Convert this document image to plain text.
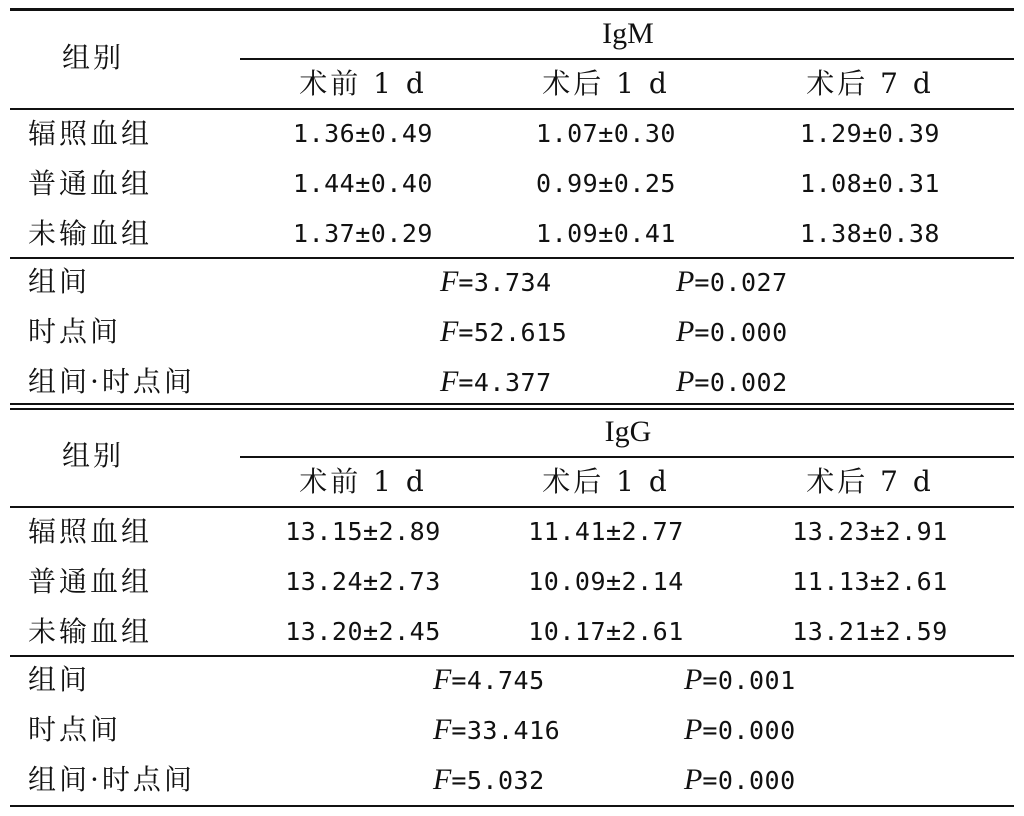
组别
IgM
术前 1 d	术后 1 d	术后 7 d
辐照血组	1.36±0.49	1.07±0.30	1.29±0.39
普通血组	1.44±0.40	0.99±0.25	1.08±0.31
未输血组	1.37±0.29	1.09±0.41	1.38±0.38
组间	F=3.734	P=0.027
时点间	F=52.615	P=0.000
组间·时点间	F=4.377	P=0.002
组别
IgG
术前 1 d	术后 1 d	术后 7 d
辐照血组	13.15±2.89	11.41±2.77	13.23±2.91
普通血组	13.24±2.73	10.09±2.14	11.13±2.61
未输血组	13.20±2.45	10.17±2.61	13.21±2.59
组间	F=4.745	P=0.001
时点间	F=33.416	P=0.000
组间·时点间	F=5.032	P=0.000
